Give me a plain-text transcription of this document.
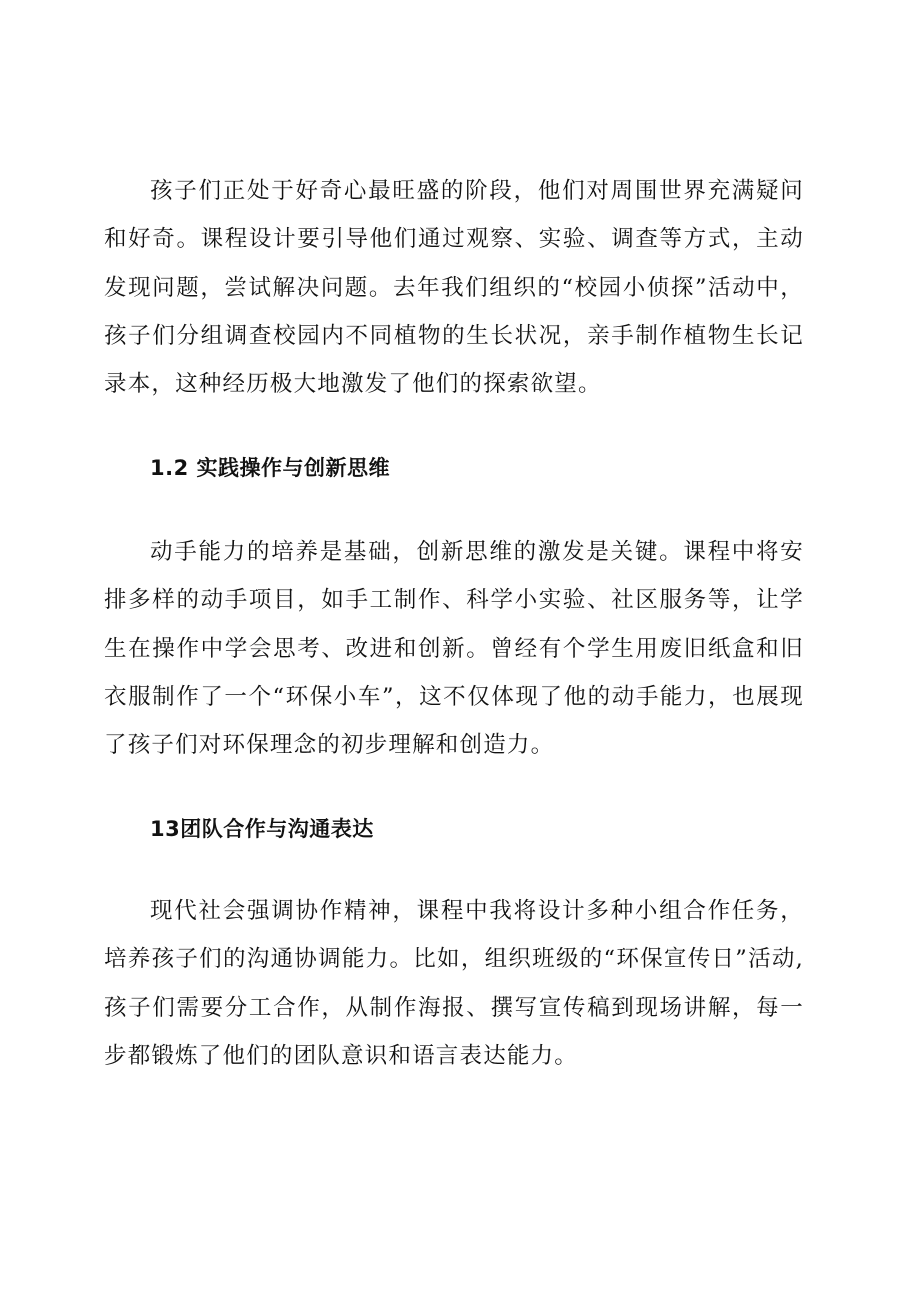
孩子们正处于好奇心最旺盛的阶段，他们对周围世界充满疑问和好奇。课程设计要引导他们通过观察、实验、调查等方式，主动发现问题，尝试解决问题。去年我们组织的“校园小侦探”活动中，孩子们分组调查校园内不同植物的生长状况，亲手制作植物生长记录本，这种经历极大地激发了他们的探索欲望。

1.2 实践操作与创新思维

动手能力的培养是基础，创新思维的激发是关键。课程中将安排多样的动手项目，如手工制作、科学小实验、社区服务等，让学生在操作中学会思考、改进和创新。曾经有个学生用废旧纸盒和旧衣服制作了一个“环保小车”，这不仅体现了他的动手能力，也展现了孩子们对环保理念的初步理解和创造力。

13团队合作与沟通表达

现代社会强调协作精神，课程中我将设计多种小组合作任务，培养孩子们的沟通协调能力。比如，组织班级的“环保宣传日”活动,孩子们需要分工合作，从制作海报、撰写宣传稿到现场讲解，每一步都锻炼了他们的团队意识和语言表达能力。
